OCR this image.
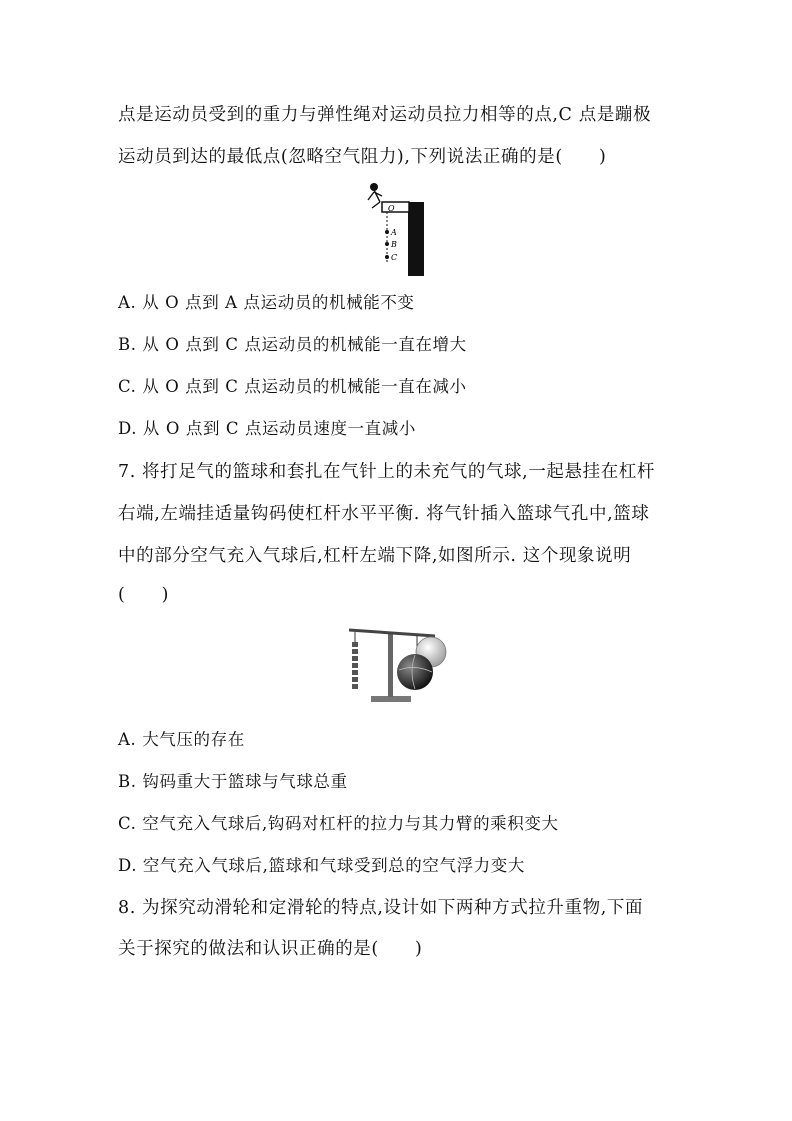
点是运动员受到的重力与弹性绳对运动员拉力相等的点,C 点是蹦极
运动员到达的最低点(忽略空气阻力),下列说法正确的是(　　)
O
A
B
C
A. 从 O 点到 A 点运动员的机械能不变
B. 从 O 点到 C 点运动员的机械能一直在增大
C. 从 O 点到 C 点运动员的机械能一直在减小
D. 从 O 点到 C 点运动员速度一直减小
7. 将打足气的篮球和套扎在气针上的未充气的气球,一起悬挂在杠杆
右端,左端挂适量钩码使杠杆水平平衡. 将气针插入篮球气孔中,篮球
中的部分空气充入气球后,杠杆左端下降,如图所示. 这个现象说明
(　　)
A. 大气压的存在
B. 钩码重大于篮球与气球总重
C. 空气充入气球后,钩码对杠杆的拉力与其力臂的乘积变大
D. 空气充入气球后,篮球和气球受到总的空气浮力变大
8. 为探究动滑轮和定滑轮的特点,设计如下两种方式拉升重物,下面
关于探究的做法和认识正确的是(　　)
